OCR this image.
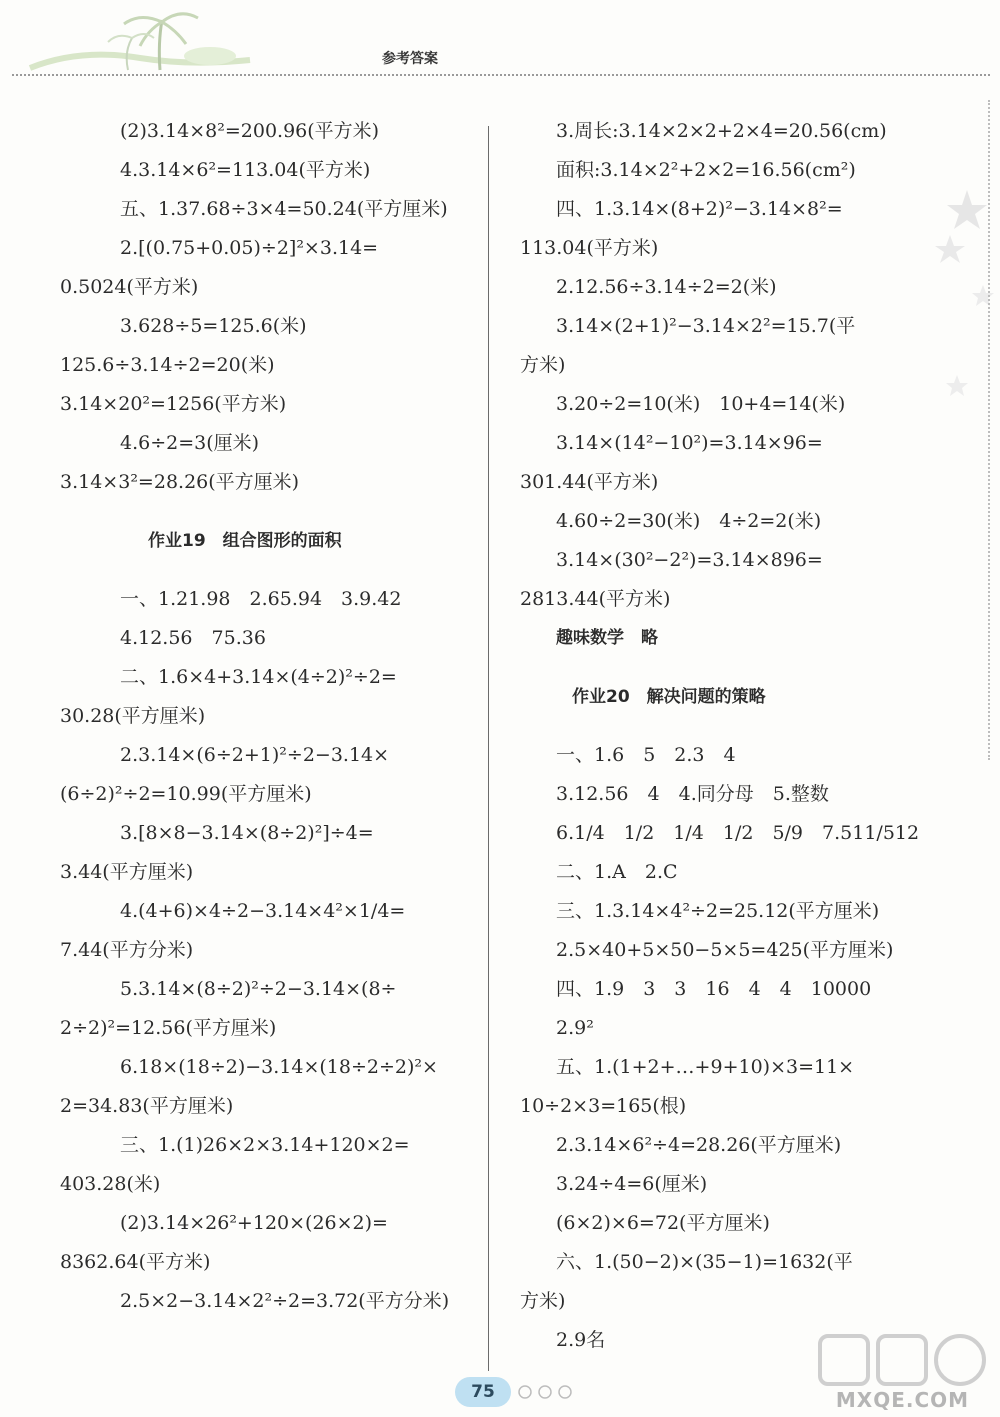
参考答案
(2)3.14×8²=200.96(平方米)
4.3.14×6²=113.04(平方米)
五、1.37.68÷3×4=50.24(平方厘米)
2.[(0.75+0.05)÷2]²×3.14=
0.5024(平方米)
3.628÷5=125.6(米)
125.6÷3.14÷2=20(米)
3.14×20²=1256(平方米)
4.6÷2=3(厘米)
3.14×3²=28.26(平方厘米)
作业19　组合图形的面积
一、1.21.98　2.65.94　3.9.42
4.12.56　75.36
二、1.6×4+3.14×(4÷2)²÷2=
30.28(平方厘米)
2.3.14×(6÷2+1)²÷2−3.14×
(6÷2)²÷2=10.99(平方厘米)
3.[8×8−3.14×(8÷2)²]÷4=
3.44(平方厘米)
4.(4+6)×4÷2−3.14×4²×1/4=
7.44(平方分米)
5.3.14×(8÷2)²÷2−3.14×(8÷
2÷2)²=12.56(平方厘米)
6.18×(18÷2)−3.14×(18÷2÷2)²×
2=34.83(平方厘米)
三、1.(1)26×2×3.14+120×2=
403.28(米)
(2)3.14×26²+120×(26×2)=
8362.64(平方米)
2.5×2−3.14×2²÷2=3.72(平方分米)
3.周长:3.14×2×2+2×4=20.56(cm)
面积:3.14×2²+2×2=16.56(cm²)
四、1.3.14×(8+2)²−3.14×8²=
113.04(平方米)
2.12.56÷3.14÷2=2(米)
3.14×(2+1)²−3.14×2²=15.7(平
方米)
3.20÷2=10(米)　10+4=14(米)
3.14×(14²−10²)=3.14×96=
301.44(平方米)
4.60÷2=30(米)　4÷2=2(米)
3.14×(30²−2²)=3.14×896=
2813.44(平方米)
趣味数学　略
作业20　解决问题的策略
一、1.6　5　2.3　4
3.12.56　4　4.同分母　5.整数
6.1/4　1/2　1/4　1/2　5/9　7.511/512
二、1.A　2.C
三、1.3.14×4²÷2=25.12(平方厘米)
2.5×40+5×50−5×5=425(平方厘米)
四、1.9　3　3　16　4　4　10000
2.9²
五、1.(1+2+…+9+10)×3=11×
10÷2×3=165(根)
2.3.14×6²÷4=28.26(平方厘米)
3.24÷4=6(厘米)
(6×2)×6=72(平方厘米)
六、1.(50−2)×(35−1)=1632(平
方米)
2.9名
75	MXQE.COM
